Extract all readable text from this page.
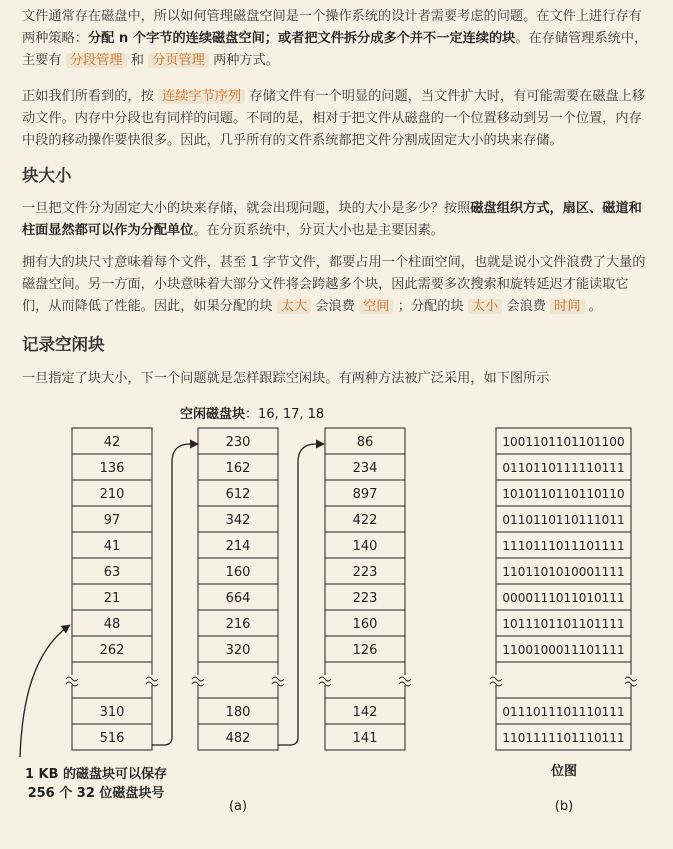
文件通常存在磁盘中，所以如何管理磁盘空间是一个操作系统的设计者需要考虑的问题。在文件上进行存有两种策略：分配 n 个字节的连续磁盘空间；或者把文件拆分成多个并不一定连续的块。在存储管理系统中，主要有 分段管理 和 分页管理 两种方式。

正如我们所看到的，按 连续字节序列 存储文件有一个明显的问题，当文件扩大时，有可能需要在磁盘上移动文件。内存中分段也有同样的问题。不同的是，相对于把文件从磁盘的一个位置移动到另一个位置，内存中段的移动操作要快很多。因此，几乎所有的文件系统都把文件分割成固定大小的块来存储。

块大小

一旦把文件分为固定大小的块来存储，就会出现问题，块的大小是多少？按照磁盘组织方式，扇区、磁道和柱面显然都可以作为分配单位。在分页系统中，分页大小也是主要因素。

拥有大的块尺寸意味着每个文件，甚至 1 字节文件，都要占用一个柱面空间，也就是说小文件浪费了大量的磁盘空间。另一方面，小块意味着大部分文件将会跨越多个块，因此需要多次搜索和旋转延迟才能读取它们，从而降低了性能。因此，如果分配的块 太大 会浪费 空间 ；分配的块 太小 会浪费 时间 。

记录空闲块

一旦指定了块大小，下一个问题就是怎样跟踪空闲块。有两种方法被广泛采用，如下图所示

空闲磁盘块：16, 17, 18
42
136
210
97
41
63
21
48
262
310
516
230
162
612
342
214
160
664
216
320
180
482
86
234
897
422
140
223
223
160
126
142
141
1001101101101100
0110110111110111
1010110110110110
0110110110111011
1110111011101111
1101101010001111
0000111011010111
1011101101101111
1100100011101111
0111011101110111
1101111101110111
1 KB 的磁盘块可以保存
256 个 32 位磁盘块号
位图
(a)	(b)
